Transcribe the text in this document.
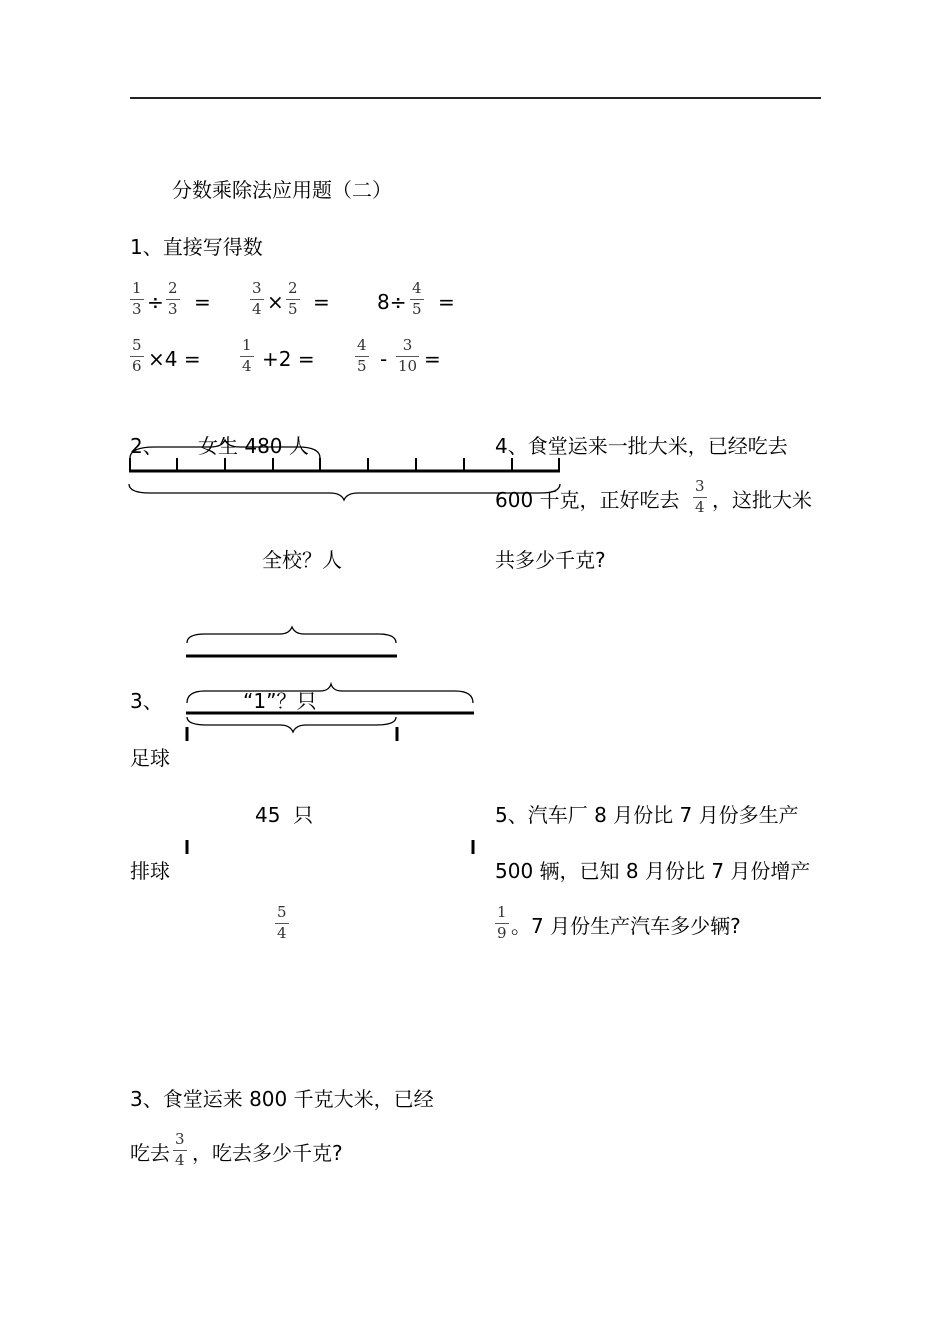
分数乘除法应用题（二）
1、直接写得数
1
3 ÷
2
3 =
3
4 ×
2
5 = 8÷
4
5 =
5
6 ×4 =
1
4 +2 =
4
5 -
3
10 =
2、 女生 480 人
全校？人
3、	“1”？只
足球
45  只
排球
5
4
4、食堂运来一批大米，已经吃去
600 千克，正好吃去
3
4 ，这批大米
共多少千克?
5、汽车厂 8 月份比 7 月份多生产
500 辆，已知 8 月份比 7 月份增产
1
9 。7 月份生产汽车多少辆?
3、食堂运来 800 千克大米，已经
吃去
3
4 ，吃去多少千克?
